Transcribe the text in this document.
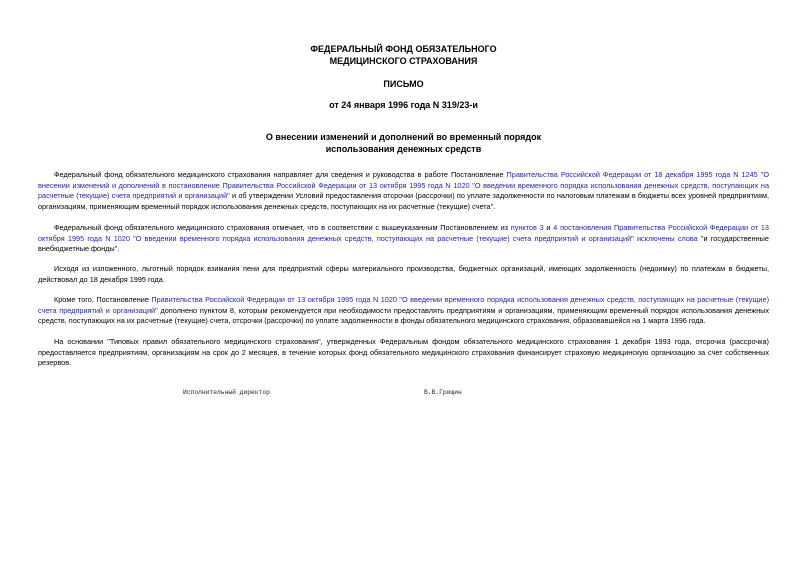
ФЕДЕРАЛЬНЫЙ ФОНД ОБЯЗАТЕЛЬНОГО
МЕДИЦИНСКОГО СТРАХОВАНИЯ
ПИСЬМО
от 24 января 1996 года N 319/23-и
О внесении изменений и дополнений во временный порядок
использования денежных средств

Федеральный фонд обязательного медицинского страхования направляет для сведения и руководства в работе Постановление Правительства Российской Федерации от 18 декабря 1995 года N 1245 "О внесении изменений и дополнений в постановление Правительства Российской Федерации от 13 октября 1995 года N 1020 "О введении временного порядка использования денежных средств, поступающих на расчетные (текущие) счета предприятий и организаций" и об утверждении Условий предоставления отсрочки (рассрочки) по уплате задолженности по налоговым платежам в бюджеты всех уровней предприятиям, организациям, применяющим временный порядок использования денежных средств, поступающих на их расчетные (текущие) счета".

Федеральный фонд обязательного медицинского страхования отмечает, что в соответствии с вышеуказанным Постановлением из пунктов 3 и 4 постановления Правительства Российской Федерации от 13 октября 1995 года N 1020 "О введении временного порядка использования денежных средств, поступающих на расчетные (текущие) счета предприятий и организаций" исключены слова "и государственные внебюджетные фонды".

Исходя из изложенного, льготный порядок взимания пени для предприятий сферы материального производства, бюджетных организаций, имеющих задолженность (недоимку) по платежам в бюджеты, действовал до 18 декабря 1995 года.

Кроме того, Постановление Правительства Российской Федерации от 13 октября 1995 года N 1020 "О введении временного порядка использования денежных средств, поступающих на расчетные (текущие) счета предприятий и организаций" дополнено пунктом 8, которым рекомендуется при необходимости предоставлять предприятиям и организациям, применяющим временный порядок использования денежных средств, поступающих на их расчетные (текущие) счета, отсрочки (рассрочки) по уплате задолженности в фонды обязательного медицинского страхования, образовавшейся на 1 марта 1996 года.

На основании "Типовых правил обязательного медицинского страхования", утвержденных Федеральным фондом обязательного медицинского страхования 1 декабря 1993 года, отсрочка (рассрочка) предоставляется предприятиям, организациям на срок до 2 месяцев, в течение которых фонд обязательного медицинского страхования финансирует страховую медицинскую организацию за счет собственных резервов.

Исполнительный директор	В.В.Грищин
